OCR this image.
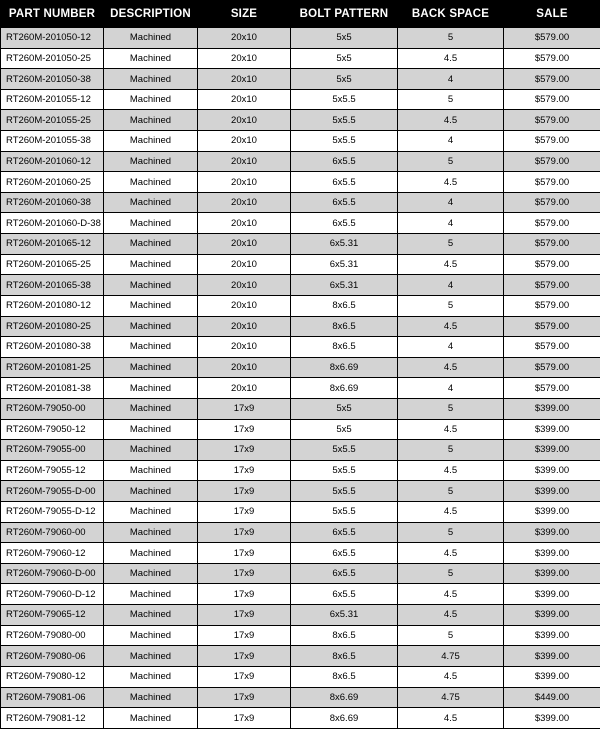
PART NUMBER	DESCRIPTION	SIZE	BOLT PATTERN	BACK SPACE	SALE
RT260M-201050-12	Machined	20x10	5x5	5	$579.00
RT260M-201050-25	Machined	20x10	5x5	4.5	$579.00
RT260M-201050-38	Machined	20x10	5x5	4	$579.00
RT260M-201055-12	Machined	20x10	5x5.5	5	$579.00
RT260M-201055-25	Machined	20x10	5x5.5	4.5	$579.00
RT260M-201055-38	Machined	20x10	5x5.5	4	$579.00
RT260M-201060-12	Machined	20x10	6x5.5	5	$579.00
RT260M-201060-25	Machined	20x10	6x5.5	4.5	$579.00
RT260M-201060-38	Machined	20x10	6x5.5	4	$579.00
RT260M-201060-D-38	Machined	20x10	6x5.5	4	$579.00
RT260M-201065-12	Machined	20x10	6x5.31	5	$579.00
RT260M-201065-25	Machined	20x10	6x5.31	4.5	$579.00
RT260M-201065-38	Machined	20x10	6x5.31	4	$579.00
RT260M-201080-12	Machined	20x10	8x6.5	5	$579.00
RT260M-201080-25	Machined	20x10	8x6.5	4.5	$579.00
RT260M-201080-38	Machined	20x10	8x6.5	4	$579.00
RT260M-201081-25	Machined	20x10	8x6.69	4.5	$579.00
RT260M-201081-38	Machined	20x10	8x6.69	4	$579.00
RT260M-79050-00	Machined	17x9	5x5	5	$399.00
RT260M-79050-12	Machined	17x9	5x5	4.5	$399.00
RT260M-79055-00	Machined	17x9	5x5.5	5	$399.00
RT260M-79055-12	Machined	17x9	5x5.5	4.5	$399.00
RT260M-79055-D-00	Machined	17x9	5x5.5	5	$399.00
RT260M-79055-D-12	Machined	17x9	5x5.5	4.5	$399.00
RT260M-79060-00	Machined	17x9	6x5.5	5	$399.00
RT260M-79060-12	Machined	17x9	6x5.5	4.5	$399.00
RT260M-79060-D-00	Machined	17x9	6x5.5	5	$399.00
RT260M-79060-D-12	Machined	17x9	6x5.5	4.5	$399.00
RT260M-79065-12	Machined	17x9	6x5.31	4.5	$399.00
RT260M-79080-00	Machined	17x9	8x6.5	5	$399.00
RT260M-79080-06	Machined	17x9	8x6.5	4.75	$399.00
RT260M-79080-12	Machined	17x9	8x6.5	4.5	$399.00
RT260M-79081-06	Machined	17x9	8x6.69	4.75	$449.00
RT260M-79081-12	Machined	17x9	8x6.69	4.5	$399.00
